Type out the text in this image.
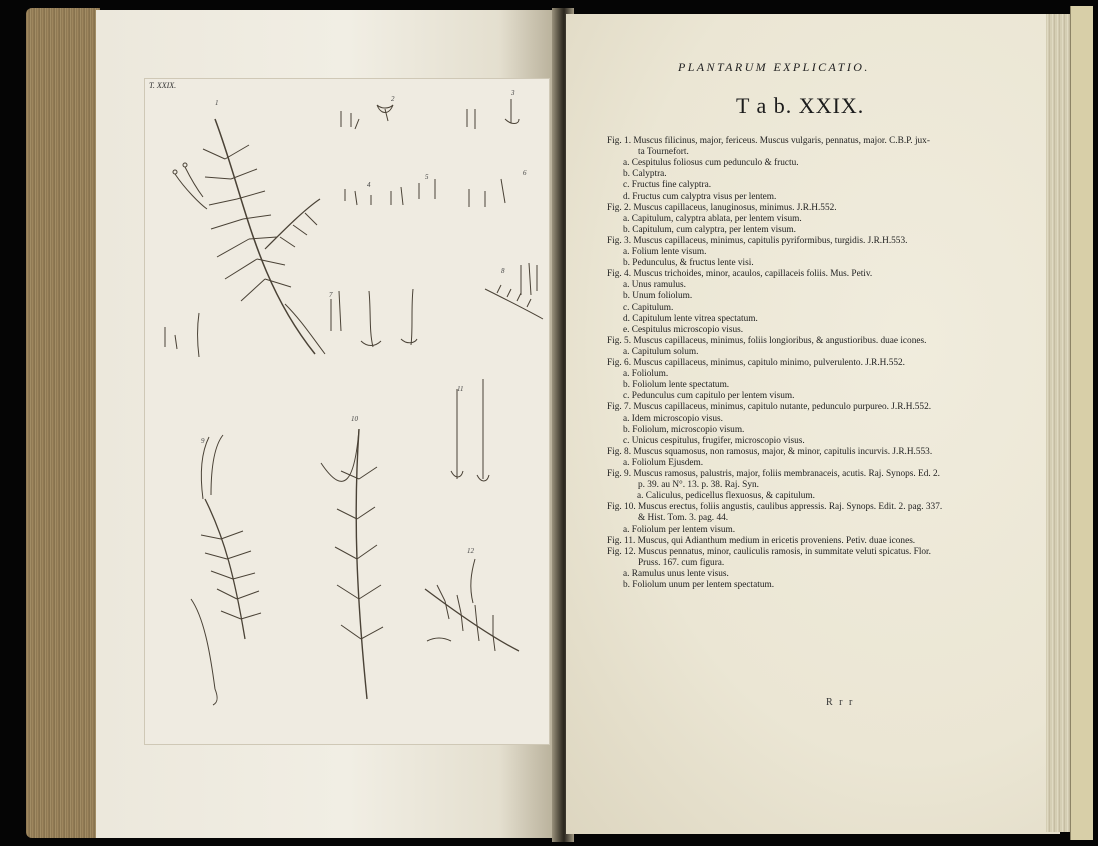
T. XXIX.
1	2
3
4
5	6
7
8
9
10
11
12
PLANTARUM EXPLICATIO.
T a b. XXIX.
Fig. 1. Muscus filicinus, major, fericeus. Muscus vulgaris, pennatus, major. C.B.P. jux-
ta Tournefort.
a. Cespitulus foliosus cum pedunculo & fructu.
b. Calyptra.
c. Fructus fine calyptra.
d. Fructus cum calyptra visus per lentem.
Fig. 2. Muscus capillaceus, lanuginosus, minimus. J.R.H.552.
a. Capitulum, calyptra ablata, per lentem visum.
b. Capitulum, cum calyptra, per lentem visum.
Fig. 3. Muscus capillaceus, minimus, capitulis pyriformibus, turgidis. J.R.H.553.
a. Folium lente visum.
b. Pedunculus, & fructus lente visi.
Fig. 4. Muscus trichoides, minor, acaulos, capillaceis foliis. Mus. Petiv.
a. Unus ramulus.
b. Unum foliolum.
c. Capitulum.
d. Capitulum lente vitrea spectatum.
e. Cespitulus microscopio visus.
Fig. 5. Muscus capillaceus, minimus, foliis longioribus, & angustioribus. duae icones.
a. Capitulum solum.
Fig. 6. Muscus capillaceus, minimus, capitulo minimo, pulverulento. J.R.H.552.
a. Foliolum.
b. Foliolum lente spectatum.
c. Pedunculus cum capitulo per lentem visum.
Fig. 7. Muscus capillaceus, minimus, capitulo nutante, pedunculo purpureo. J.R.H.552.
a. Idem microscopio visus.
b. Foliolum, microscopio visum.
c. Unicus cespitulus, frugifer, microscopio visus.
Fig. 8. Muscus squamosus, non ramosus, major, & minor, capitulis incurvis. J.R.H.553.
a. Foliolum Ejusdem.
Fig. 9. Muscus ramosus, palustris, major, foliis membranaceis, acutis. Raj. Synops. Ed. 2.
p. 39. au N°. 13. p. 38. Raj. Syn.
a. Caliculus, pedicellus flexuosus, & capitulum.
Fig. 10. Muscus erectus, foliis angustis, caulibus appressis. Raj. Synops. Edit. 2. pag. 337.
& Hist. Tom. 3. pag. 44.
a. Foliolum per lentem visum.
Fig. 11. Muscus, qui Adianthum medium in ericetis proveniens. Petiv. duae icones.
Fig. 12. Muscus pennatus, minor, cauliculis ramosis, in summitate veluti spicatus. Flor.
Pruss. 167. cum figura.
a. Ramulus unus lente visus.
b. Foliolum unum per lentem spectatum.
R r r
